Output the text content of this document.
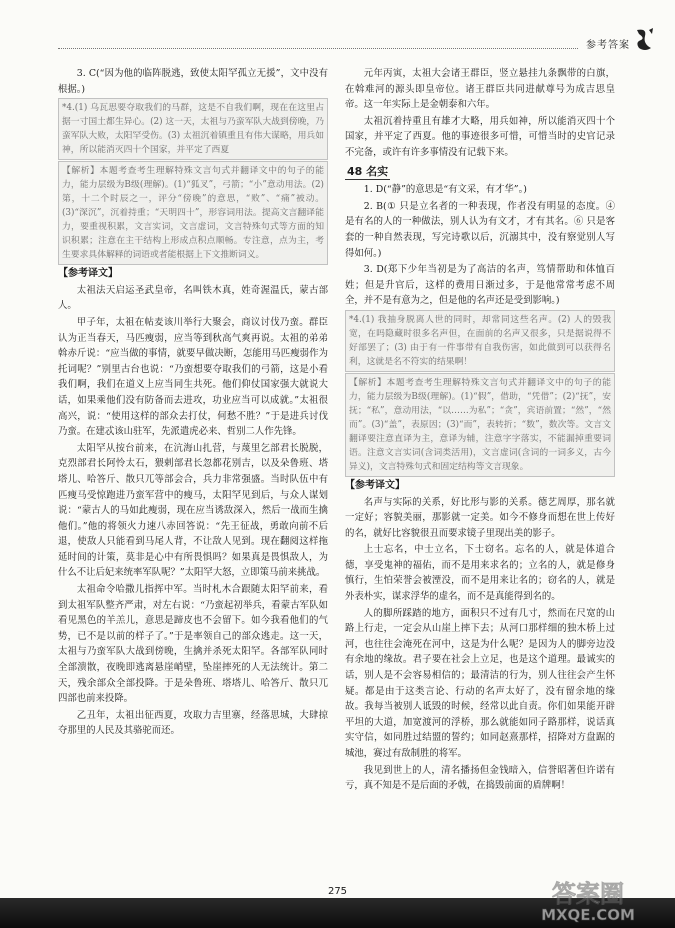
参考答案

3. C(“因为他的临阵脱逃，致使太阳罕孤立无援”，文中没有根据。)

*4.(1) 乌瓦思要夺取我们的马群，这是不自我们啊，现在在这里占据一寸国土都生异心。(2) 这一天，太祖与乃蛮军队大战到傍晚，乃蛮军队大败，太阳罕受伤。(3) 太祖沉着镇重且有伟大谋略，用兵如神，所以能消灭四十个国家，并平定了西夏

【解析】本题考查考生理解特殊文言句式并翻译文中的句子的能力，能力层级为B级(理解)。(1)“狐叉”，弓箭；“小”意动用法。(2) 第，十二个时辰之一，评分“傍晚”的意思，“败”、“痛”被动。(3)“深沉”，沉着持重；“天明四十”，形容词用法。提高文言翻译能力，要重视积累，文言实词，文言虚词，文言特殊句式等方面的知识积累；注意在主干结构上形成点积点顺畅。专注意，点为主，考生要求具体解释的词语或者能根据上下文推断词义。

【参考译文】

太祖法天启运圣武皇帝，名叫铁木真，姓奇渥温氏，蒙古部人。

甲子年，太祖在帖麦该川举行大聚会，商议讨伐乃蛮。群臣认为正当春天，马匹瘦弱，应当等到秋高气爽再说。太祖的弟弟斡赤斤说：“应当做的事情，就要早做决断，怎能用马匹瘦弱作为托词呢？”别里古台也说：“乃蛮想要夺取我们的弓箭，这是小看我们啊，我们在道义上应当同生共死。他们仰仗国家强大就说大话，如果乘他们没有防备而去进攻，功业应当可以成就。”太祖很高兴，说：“使用这样的部众去打仗，何愁不胜？”于是进兵讨伐乃蛮。在建忒该山驻军，先派遣虎必来、哲别二人作先锋。

太阳罕从按台前来，在沆海山扎营，与蔑里乞部君长脱脱，克烈部君长阿怜太石，猥剌部君长忽都花别吉，以及朵鲁班、塔塔儿、哈答斤、散只兀等部会合，兵力非常强盛。当时队伍中有匹瘦马受惊跑进乃蛮军营中的瘦马，太阳罕见到后，与众人谋划说：“蒙古人的马如此瘦弱，现在应当诱敌深入，然后一战而生擒他们。”他的将领火力速八赤回答说：“先王征战，勇敢向前不后退，使敌人只能看到马尾人背，不让敌人见到。现在翻阅这样拖延时间的计策，莫非是心中有所畏惧吗？如果真是畏惧敌人，为什么不让后妃来统率军队呢？”太阳罕大怒，立即策马前来挑战。

太祖命令哈撒儿指挥中军。当时札木合跟随太阳罕前来，看到太祖军队整齐严肃，对左右说：“乃蛮起初举兵，看蒙古军队如看见黑色的羊羔儿，意思是蹄皮也不会留下。如今我看他们的气势，已不是以前的样子了。”于是率领自己的部众逃走。这一天，太祖与乃蛮军队大战到傍晚，生擒并杀死太阳罕。各部军队同时全部溃散，夜晚即逃离悬崖峭壁，坠崖摔死的人无法统计。第二天，残余部众全部投降。于是朵鲁班、塔塔儿、哈答斤、散只兀四部也前来投降。

乙丑年，太祖出征西夏，攻取力吉里寨，经落思城，大肆掠夺那里的人民及其骆驼而还。

元年丙寅，太祖大会诸王群臣，竖立悬挂九条飘带的白旗，在斡难河的源头即皇帝位。诸王群臣共同进献尊号为成吉思皇帝。这一年实际上是金朝泰和六年。

太祖沉着持重且有雄才大略，用兵如神，所以能消灭四十个国家，并平定了西夏。他的事迹很多可惜，可惜当时的史官记录不完备，或许有许多事情没有记载下来。

48 名实

1. D(“静”的意思是“有文采，有才华”。)

2. B(① 只是立名者的一种表现，作者没有明显的态度。④ 是有名的人的一种做法，别人认为有文才，才有其名。⑥ 只是客套的一种自然表现，写完诗歌以后，沉溺其中，没有察觉别人写得如何。)

3. D(郑下少年当初是为了高洁的名声，笃情帮助和体恤百姓；但是升官后，这样的费用日渐过多，于是他常常考虑不周全，并不是有意为之，但是他的名声还是受到影响。)

*4.(1) 我抽身脱离人世的同时，却常同这些名声。(2) 人的毁我宽，在吗隐藏时很多名声但，在面前的名声又很多，只是据说得不好部罢了；(3) 由于有一件事带有自我伤害，如此做到可以获得名利，这就是名不符实的结果啊！

【解析】本题考查考生理解特殊文言句式并翻译文中的句子的能力，能力层级为B级(理解)。(1)“假”，借助，“凭借”；(2)“抚”，安抚；“私”，意动用法，“以……为私”；“贪”，宾语前置；“然”，“然而”。(3)“盖”，表原因；(3)“而”，表转折；“数”，数次等。文言文翻译要注意直译为主，意译为辅，注意字字落实，不能漏掉重要词语。注意文言实词(含词类活用)，文言虚词(含词的一词多义，古今异义)，文言特殊句式和固定结构等文言现象。

【参考译文】

名声与实际的关系，好比形与影的关系。德艺周厚，那名就一定好；容貌美丽，那影就一定美。如今不修身而想在世上传好的名，就好比容貌很丑而要求镜子里现出美的影子。

上士忘名，中士立名，下士窃名。忘名的人，就是体道合德，享受鬼神的福佑，而不是用来求名的；立名的人，就是修身慎行，生怕荣誉会被湮没，而不是用来让名的；窃名的人，就是外表朴实，谋求浮华的虚名，而不是真能得到名的。

人的脚所踩踏的地方，面积只不过有几寸，然而在尺宽的山路上行走，一定会从山崖上摔下去；从河口那样细的独木桥上过河，也往往会淹死在河中，这是为什么呢？是因为人的脚旁边没有余地的缘故。君子要在社会上立足，也是这个道理。最诚实的话，别人是不会容易相信的；最清洁的行为，别人往往会产生怀疑。都是由于这类言论、行动的名声太好了，没有留余地的缘故。我每当被别人诋毁的时候，经常以此自责。你们如果能开辟平坦的大道，加宽渡河的浮桥，那么就能如同子路那样，说话真实守信，如同胜过结盟的誓约；如同赵熹那样，招降对方盘踞的城池，赛过有敌制胜的将军。

我见到世上的人，清名播扬但金钱暗入，信誉昭著但许诺有亏，真不知是不是后面的矛戟，在捣毁前面的盾牌啊！

275	答案圈
MXQE.COM
